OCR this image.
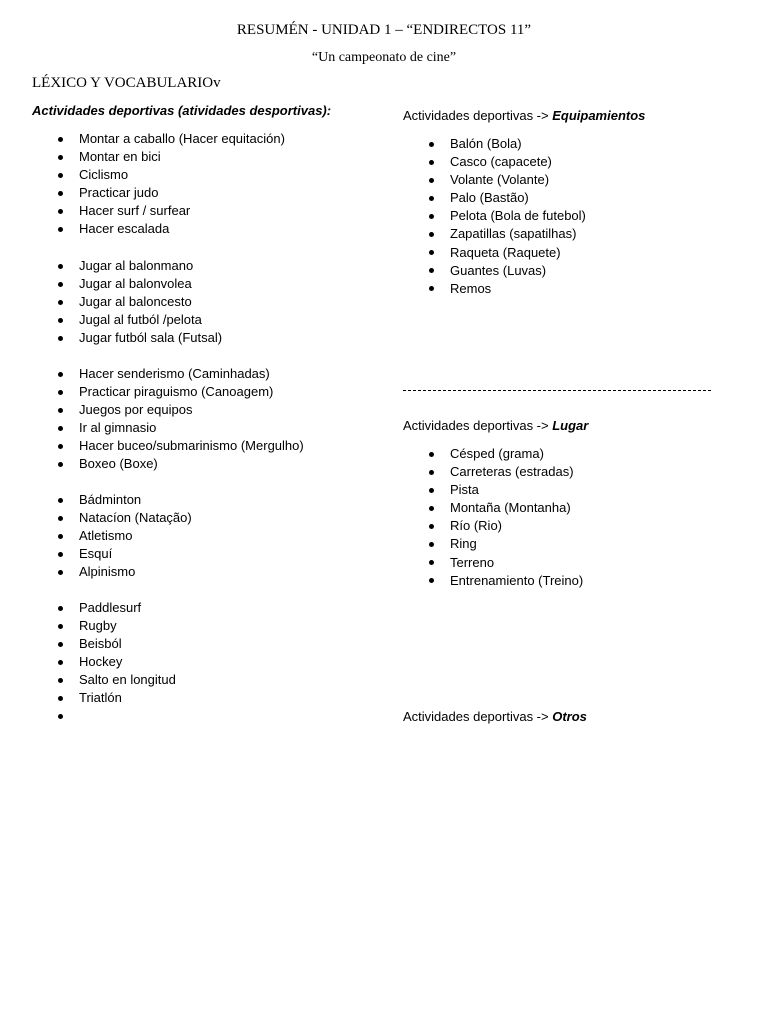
RESUMÉN - UNIDAD 1 – “ENDIRECTOS 11”
“Un campeonato de cine”
LÉXICO Y VOCABULARIOv
Actividades deportivas (atividades desportivas):
Montar a caballo (Hacer equitación)
Montar en bici
Ciclismo
Practicar judo
Hacer surf / surfear
Hacer escalada
Jugar al balonmano
Jugar al balonvolea
Jugar al baloncesto
Jugal al futból /pelota
Jugar futból sala (Futsal)
Hacer senderismo (Caminhadas)
Practicar piraguismo (Canoagem)
Juegos por equipos
Ir al gimnasio
Hacer buceo/submarinismo (Mergulho)
Boxeo (Boxe)
Bádminton
Natacíon (Natação)
Atletismo
Esquí
Alpinismo
Paddlesurf
Rugby
Beisból
Hockey
Salto en longitud
Triatlón
Actividades deportivas -> Equipamientos
Balón (Bola)
Casco (capacete)
Volante (Volante)
Palo (Bastão)
Pelota (Bola de futebol)
Zapatillas (sapatilhas)
Raqueta (Raquete)
Guantes (Luvas)
Remos
Actividades deportivas -> Lugar
Césped (grama)
Carreteras (estradas)
Pista
Montaña (Montanha)
Río (Rio)
Ring
Terreno
Entrenamiento (Treino)
Actividades deportivas -> Otros
